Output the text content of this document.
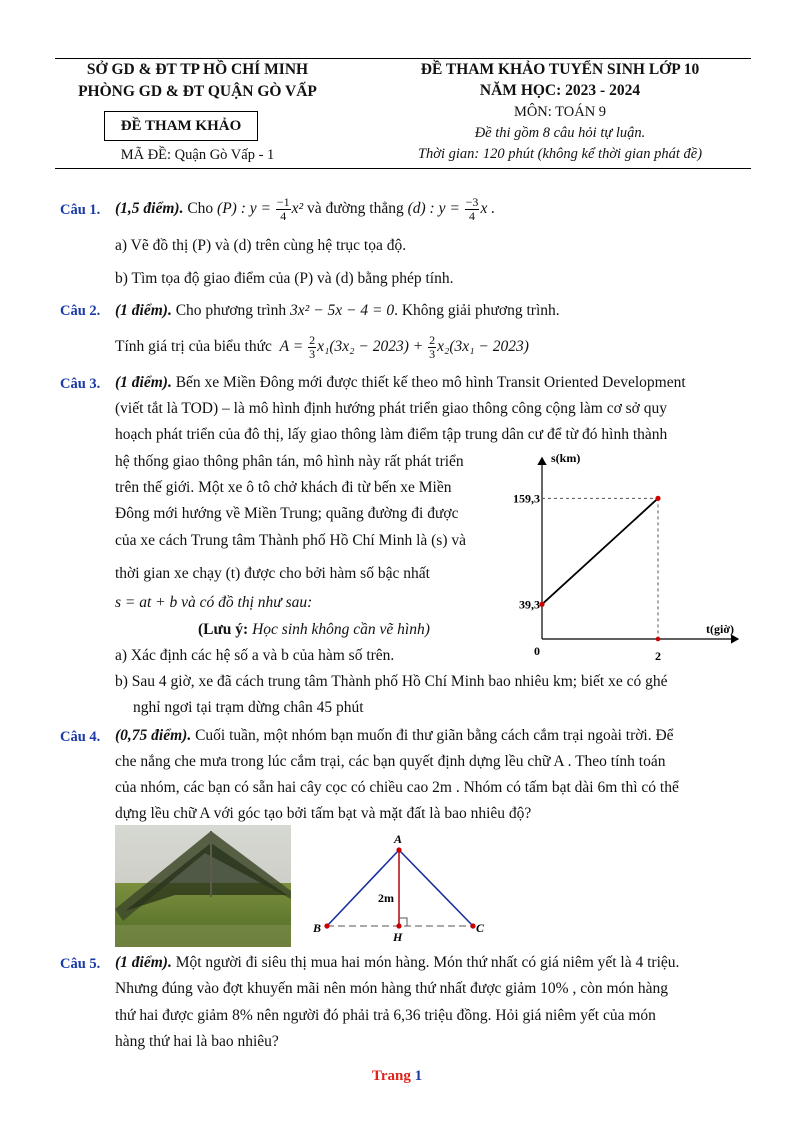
SỞ GD & ĐT TP HỒ CHÍ MINH
PHÒNG GD & ĐT QUẬN GÒ VẤP
ĐỀ THAM KHẢO
MÃ ĐỀ: Quận Gò Vấp - 1
ĐỀ THAM KHẢO TUYỂN SINH LỚP 10
NĂM HỌC: 2023 - 2024
MÔN: TOÁN 9
Đề thi gồm 8 câu hỏi tự luận.
Thời gian: 120 phút (không kể thời gian phát đề)
Câu 1. (1,5 điểm). Cho (P) : $y = \frac{-1}{4} x^2$ và đường thẳng (d) : $y = \frac{-3}{4}$ x .
a) Vẽ đồ thị (P) và (d) trên cùng hệ trục tọa độ.
b) Tìm tọa độ giao điểm của (P) và (d) bằng phép tính.
Câu 2. (1 điểm). Cho phương trình 3x² − 5x − 4 = 0. Không giải phương trình.
Tính giá trị của biểu thức $A = \frac{2}{3} x_1(3x_2 - 2023) + \frac{2}{3} x_2(3x_1 - 2023)$
Câu 3. (1 điểm). Bến xe Miền Đông mới được thiết kế theo mô hình Transit Oriented Development
(viết tắt là TOD) – là mô hình định hướng phát triển giao thông công cộng làm cơ sở quy
hoạch phát triển của đô thị, lấy giao thông làm điểm tập trung dân cư để từ đó hình thành
hệ thống giao thông phân tán, mô hình này rất phát triển
trên thế giới. Một xe ô tô chở khách đi từ bến xe Miền
Đông mới hướng về Miền Trung; quãng đường đi được
của xe cách Trung tâm Thành phố Hồ Chí Minh là (s) và
thời gian xe chạy (t) được cho bởi hàm số bậc nhất
s = at + b và có đồ thị như sau:
(Lưu ý: Học sinh không cần vẽ hình)
a) Xác định các hệ số a và b của hàm số trên.
b) Sau 4 giờ, xe đã cách trung tâm Thành phố Hồ Chí Minh bao nhiêu km; biết xe có ghé
nghỉ ngơi tại trạm dừng chân 45 phút
s(km)
t(giờ)
0
159,3
39,3
2
Câu 4. (0,75 điểm). Cuối tuần, một nhóm bạn muốn đi thư giãn bằng cách cắm trại ngoài trời. Để
che nắng che mưa trong lúc cắm trại, các bạn quyết định dựng lều chữ A . Theo tính toán
của nhóm, các bạn có sẵn hai cây cọc có chiều cao 2m . Nhóm có tấm bạt dài 6m thì có thể
dựng lều chữ A với góc tạo bởi tấm bạt và mặt đất là bao nhiêu độ?
A
B	C
H
2m
Câu 5. (1 điểm). Một người đi siêu thị mua hai món hàng. Món thứ nhất có giá niêm yết là 4 triệu.
Nhưng đúng vào đợt khuyến mãi nên món hàng thứ nhất được giảm 10% , còn món hàng
thứ hai được giảm 8% nên người đó phải trả 6,36 triệu đồng. Hỏi giá niêm yết của món
hàng thứ hai là bao nhiêu?
Trang 1
